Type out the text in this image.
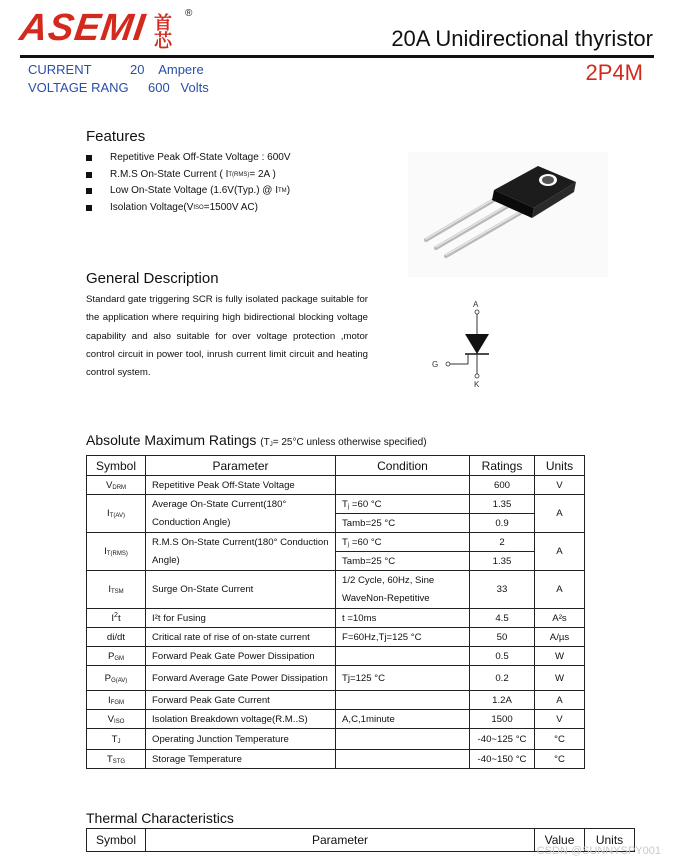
ASEMI 首芯
®
20A Unidirectional thyristor
CURRENT	20 Ampere
VOLTAGE RANG 600 Volts
2P4M
Features
Repetitive Peak Off-State Voltage : 600V
R.M.S On-State Current ( I T(RMS) = 2A )
Low On-State Voltage (1.6V(Typ.) @ I TM )
Isolation Voltage(V ISO =1500V AC)
General Description
Standard gate triggering SCR is fully isolated package suitable for the application where requiring high bidirectional blocking voltage capability and also suitable for over voltage protection ,motor control circuit in power tool, inrush current limit circuit and heating control system.
A
G
K
Absolute Maximum Ratings (TJ= 25°C unless otherwise specified)
Symbol	Parameter	Condition	Ratings	Units
VDRM	Repetitive Peak Off-State Voltage		600	V
IT(AV)	Average On-State Current(180°	Tj =60 °C	1.35	A
	Conduction Angle)	Tamb=25 °C	0.9	
IT(RMS)	R.M.S On-State Current(180° Conduction	Tj =60 °C	2	A
	Angle)	Tamb=25 °C	1.35	
ITSM	Surge On-State Current	1/2 Cycle, 60Hz, Sine	33	A
		WaveNon-Repetitive		
$I^2t$	I²t for Fusing	t =10ms	4.5	A²s
di/dt	Critical rate of rise of on-state current	F=60Hz,Tj=125 °C	50	A/µs
PGM	Forward Peak Gate Power Dissipation		0.5	W
PG(AV)	Forward Average Gate Power Dissipation	Tj=125 °C	0.2	W
IFGM	Forward Peak Gate Current		1.2A	A
VISO	Isolation Breakdown voltage(R.M..S)	A,C,1minute	1500	V
TJ	Operating Junction Temperature		-40~125 °C	°C
TSTG	Storage Temperature		-40~150 °C	°C
Thermal Characteristics
Symbol	Parameter	Value	Units
CSDN @SUNNYSPY001
